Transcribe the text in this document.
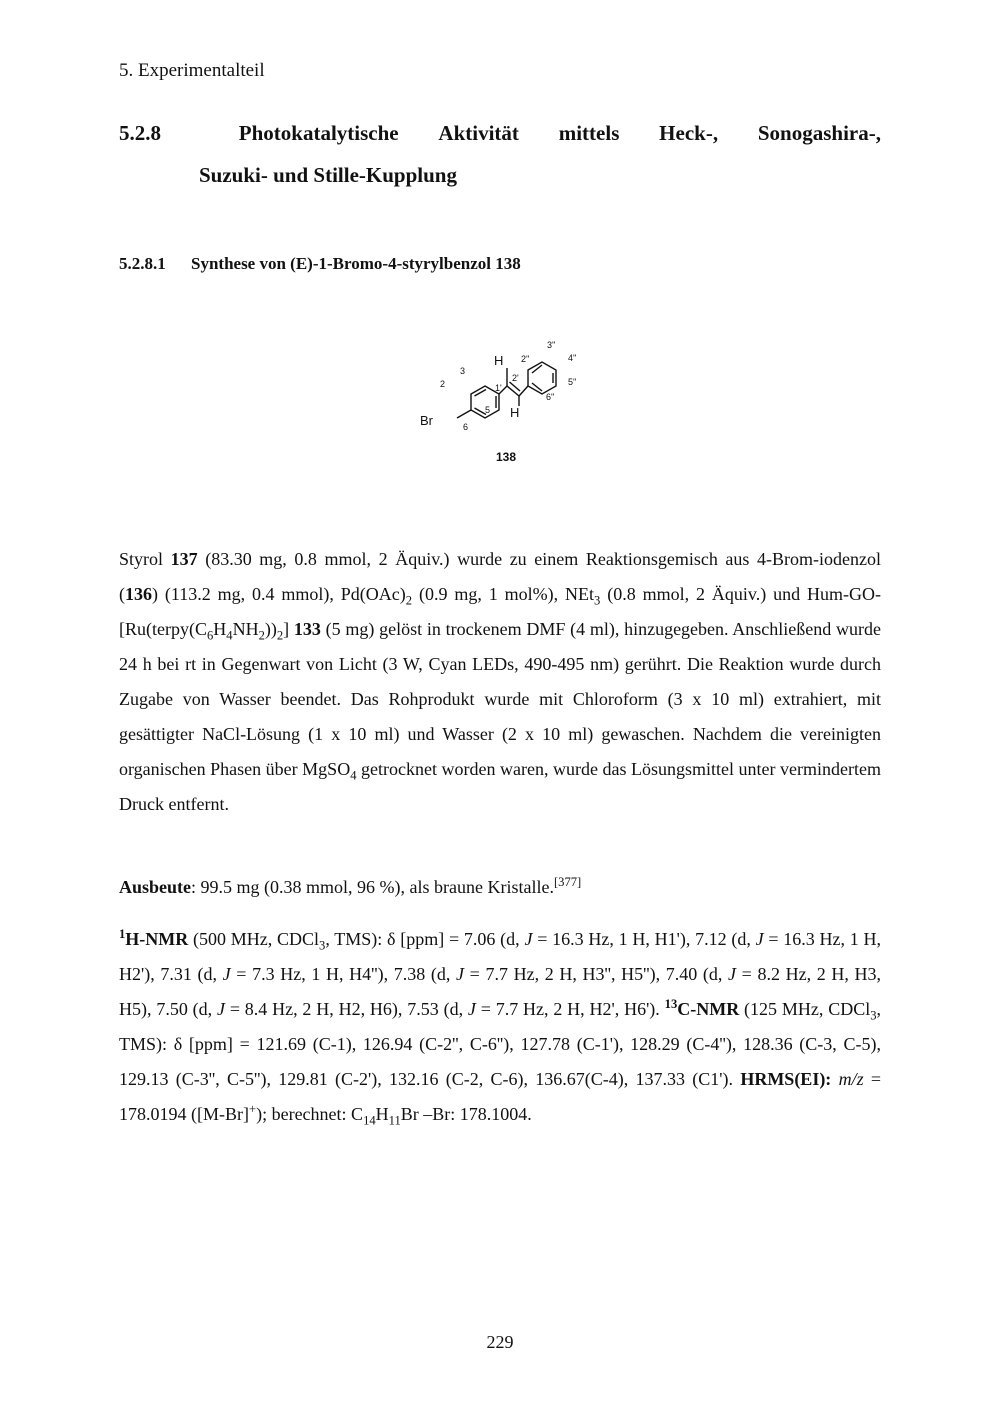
5. Experimentalteil
5.2.8	Photokatalytische Aktivität mittels Heck-, Sonogashira-,
Suzuki- und Stille-Kupplung
5.2.8.1 Synthese von (E)-1-Bromo-4-styrylbenzol 138
Br
H
H
2
3
5
6
1'
2'
2''
3''
4''
5''
6''
138

Styrol 137 (83.30 mg, 0.8 mmol, 2 Äquiv.) wurde zu einem Reaktionsgemisch aus 4-Brom-iodenzol (136) (113.2 mg, 0.4 mmol), $Pd(OAc)_2$ (0.9 mg, 1 mol%), NEt$_3$ (0.8 mmol, 2 Äquiv.) und Hum-$GO-[Ru(terpy(C_6H_4NH_2))_2]$ 133 (5 mg) gelöst in trockenem DMF (4 ml), hinzugegeben. Anschließend wurde 24 h bei rt in Gegenwart von Licht (3 W, Cyan LEDs, 490-495 nm) gerührt. Die Reaktion wurde durch Zugabe von Wasser beendet. Das Rohprodukt wurde mit Chloroform (3 x 10 ml) extrahiert, mit gesättigter NaCl-Lösung (1 x 10 ml) und Wasser (2 x 10 ml) gewaschen. Nachdem die vereinigten organischen Phasen über MgSO$_4$ getrocknet worden waren, wurde das Lösungsmittel unter vermindertem Druck entfernt.

Ausbeute: 99.5 mg (0.38 mmol, 96 %), als braune Kristalle.[377]

$^1$H-NMR (500 MHz, CDCl$_3$, TMS): δ [ppm] = 7.06 (d, J = 16.3 Hz, 1 H, H1'), 7.12 (d, J = 16.3 Hz, 1 H, H2'), 7.31 (d, J = 7.3 Hz, 1 H, H4''), 7.38 (d, J = 7.7 Hz, 2 H, H3'', H5''), 7.40 (d, J = 8.2 Hz, 2 H, H3, H5), 7.50 (d, J = 8.4 Hz, 2 H, H2, H6), 7.53 (d, J = 7.7 Hz, 2 H, H2', H6'). $^{13}$C-NMR (125 MHz, CDCl$_3$, TMS): δ [ppm] = 121.69 (C-1), 126.94 (C-2'', C-6''), 127.78 (C-1'), 128.29 (C-4''), 128.36 (C-3, C-5), 129.13 (C-3'', C-5''), 129.81 (C-2'), 132.16 (C-2, C-6), 136.67(C-4), 137.33 (C1'). HRMS(EI): m/z = 178.0194 ([M-Br]+); berechnet: $C_{14}H_{11}Br$ –Br: 178.1004.

229
